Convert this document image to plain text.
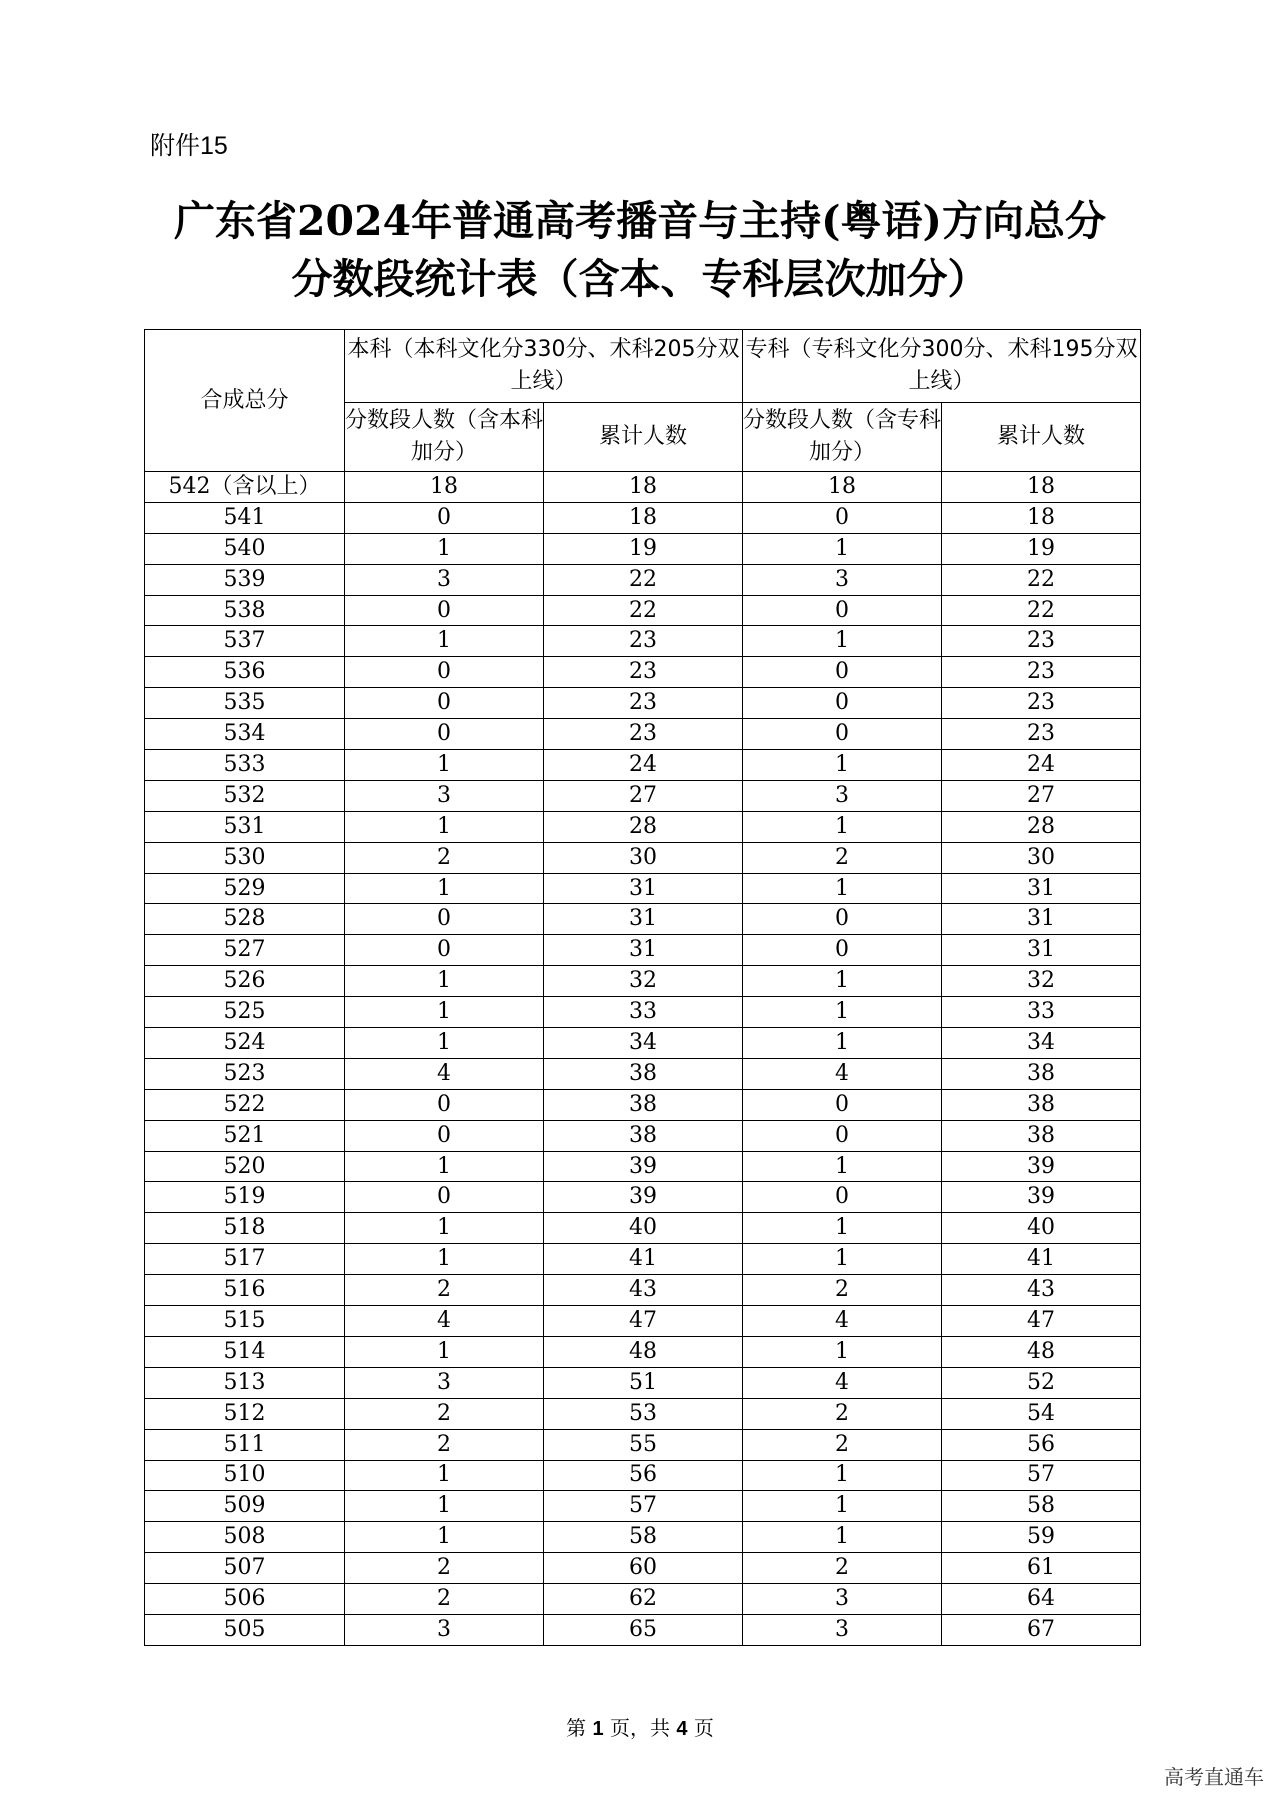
附件15
广东省2024年普通高考播音与主持(粤语)方向总分
分数段统计表（含本、专科层次加分）
合成总分	本科（本科文化分330分、术科205分双上线）		专科（专科文化分300分、术科195分双上线）	
	分数段人数（含本科加分）	累计人数	分数段人数（含专科加分）	累计人数
542（含以上）	18	18	18	18
541	0	18	0	18
540	1	19	1	19
539	3	22	3	22
538	0	22	0	22
537	1	23	1	23
536	0	23	0	23
535	0	23	0	23
534	0	23	0	23
533	1	24	1	24
532	3	27	3	27
531	1	28	1	28
530	2	30	2	30
529	1	31	1	31
528	0	31	0	31
527	0	31	0	31
526	1	32	1	32
525	1	33	1	33
524	1	34	1	34
523	4	38	4	38
522	0	38	0	38
521	0	38	0	38
520	1	39	1	39
519	0	39	0	39
518	1	40	1	40
517	1	41	1	41
516	2	43	2	43
515	4	47	4	47
514	1	48	1	48
513	3	51	4	52
512	2	53	2	54
511	2	55	2	56
510	1	56	1	57
509	1	57	1	58
508	1	58	1	59
507	2	60	2	61
506	2	62	3	64
505	3	65	3	67
第 1 页，共 4 页
高考直通车
